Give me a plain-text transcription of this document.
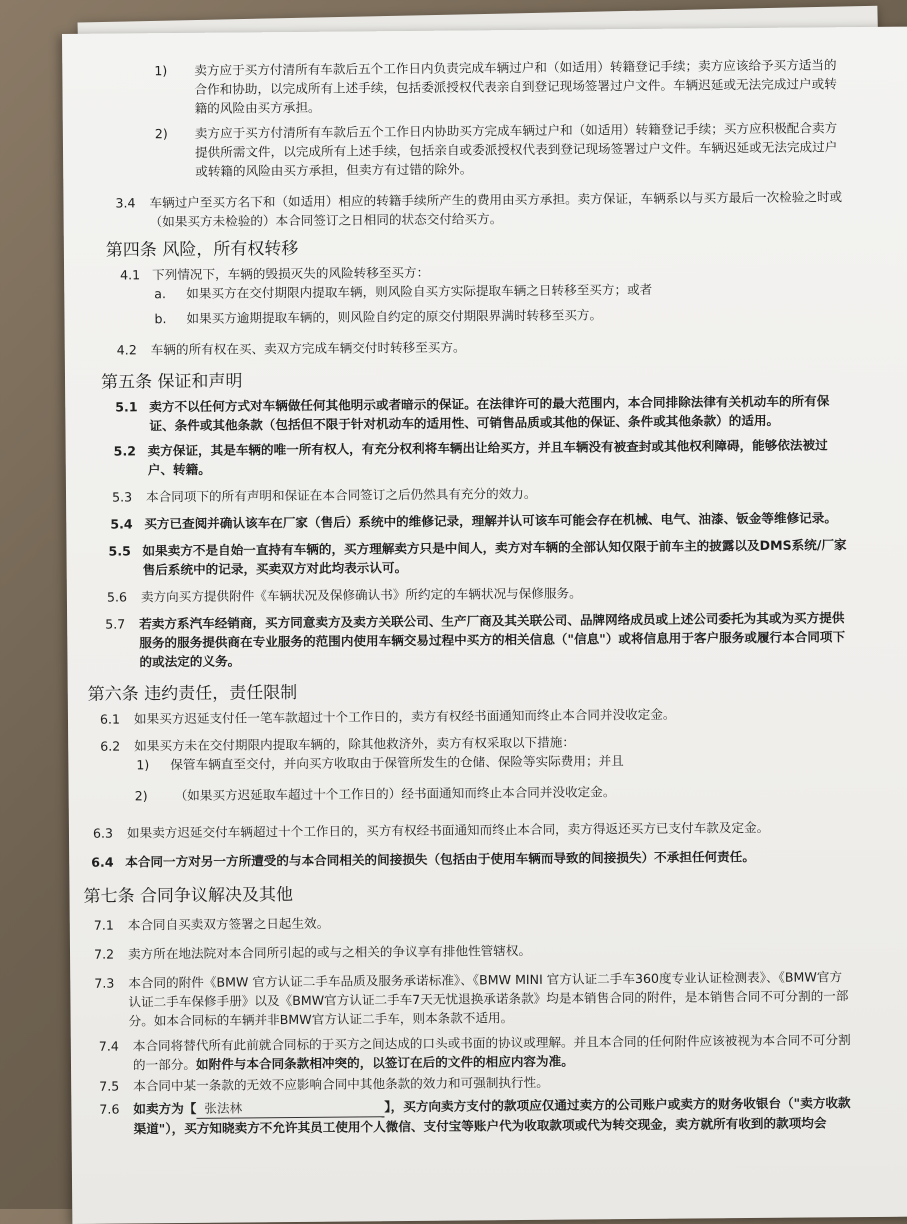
1)	卖方应于买方付清所有车款后五个工作日内负责完成车辆过户和（如适用）转籍登记手续；卖方应该给予买方适当的合作和协助，以完成所有上述手续，包括委派授权代表亲自到登记现场签署过户文件。车辆迟延或无法完成过户或转籍的风险由买方承担。
2)	卖方应于买方付清所有车款后五个工作日内协助买方完成车辆过户和（如适用）转籍登记手续；买方应积极配合卖方提供所需文件，以完成所有上述手续，包括亲自或委派授权代表到登记现场签署过户文件。车辆迟延或无法完成过户或转籍的风险由买方承担，但卖方有过错的除外。
3.4	车辆过户至买方名下和（如适用）相应的转籍手续所产生的费用由买方承担。卖方保证，车辆系以与买方最后一次检验之时或（如果买方未检验的）本合同签订之日相同的状态交付给买方。
第四条 风险，所有权转移
4.1 下列情况下，车辆的毁损灭失的风险转移至买方：
a.	如果买方在交付期限内提取车辆，则风险自买方实际提取车辆之日转移至买方；或者
b.	如果买方逾期提取车辆的，则风险自约定的原交付期限界满时转移至买方。
4.2	车辆的所有权在买、卖双方完成车辆交付时转移至买方。
第五条 保证和声明
5.1 卖方不以任何方式对车辆做任何其他明示或者暗示的保证。在法律许可的最大范围内，本合同排除法律有关机动车的所有保证、条件或其他条款（包括但不限于针对机动车的适用性、可销售品质或其他的保证、条件或其他条款）的适用。
5.2 卖方保证，其是车辆的唯一所有权人，有充分权利将车辆出让给买方，并且车辆没有被查封或其他权利障碍，能够依法被过户、转籍。
5.3	本合同项下的所有声明和保证在本合同签订之后仍然具有充分的效力。
5.4 买方已查阅并确认该车在厂家（售后）系统中的维修记录，理解并认可该车可能会存在机械、电气、油漆、钣金等维修记录。
5.5 如果卖方不是自始一直持有车辆的，买方理解卖方只是中间人，卖方对车辆的全部认知仅限于前车主的披露以及DMS系统/厂家售后系统中的记录，买卖双方对此均表示认可。
5.6	卖方向买方提供附件《车辆状况及保修确认书》所约定的车辆状况与保修服务。
5.7	若卖方系汽车经销商，买方同意卖方及卖方关联公司、生产厂商及其关联公司、品牌网络成员或上述公司委托为其或为买方提供服务的服务提供商在专业服务的范围内使用车辆交易过程中买方的相关信息（"信息"）或将信息用于客户服务或履行本合同项下的或法定的义务。
第六条 违约责任，责任限制
6.1	如果买方迟延支付任一笔车款超过十个工作日的，卖方有权经书面通知而终止本合同并没收定金。
6.2	如果买方未在交付期限内提取车辆的，除其他救济外，卖方有权采取以下措施：
1)	保管车辆直至交付，并向买方收取由于保管所发生的仓储、保险等实际费用；并且
2)	（如果买方迟延取车超过十个工作日的）经书面通知而终止本合同并没收定金。
6.3	如果卖方迟延交付车辆超过十个工作日的，买方有权经书面通知而终止本合同，卖方得返还买方已支付车款及定金。
6.4 本合同一方对另一方所遭受的与本合同相关的间接损失（包括由于使用车辆而导致的间接损失）不承担任何责任。
第七条 合同争议解决及其他
7.1	本合同自买卖双方签署之日起生效。
7.2	卖方所在地法院对本合同所引起的或与之相关的争议享有排他性管辖权。
7.3	本合同的附件《BMW 官方认证二手车品质及服务承诺标准》、《BMW MINI 官方认证二手车360度专业认证检测表》、《BMW官方认证二手车保修手册》以及《BMW官方认证二手车7天无忧退换承诺条款》均是本销售合同的附件，是本销售合同不可分割的一部分。如本合同标的车辆并非BMW官方认证二手车，则本条款不适用。
7.4	本合同将替代所有此前就合同标的于买方之间达成的口头或书面的协议或理解。并且本合同的任何附件应该被视为本合同不可分割的一部分。如附件与本合同条款相冲突的，以签订在后的文件的相应内容为准。
7.5	本合同中某一条款的无效不应影响合同中其他条款的效力和可强制执行性。
7.6	如卖方为【 张法林	】，买方向卖方支付的款项应仅通过卖方的公司账户或卖方的财务收银台（"卖方收款渠道"），买方知晓卖方不允许其员工使用个人微信、支付宝等账户代为收取款项或代为转交现金，卖方就所有收到的款项均会
